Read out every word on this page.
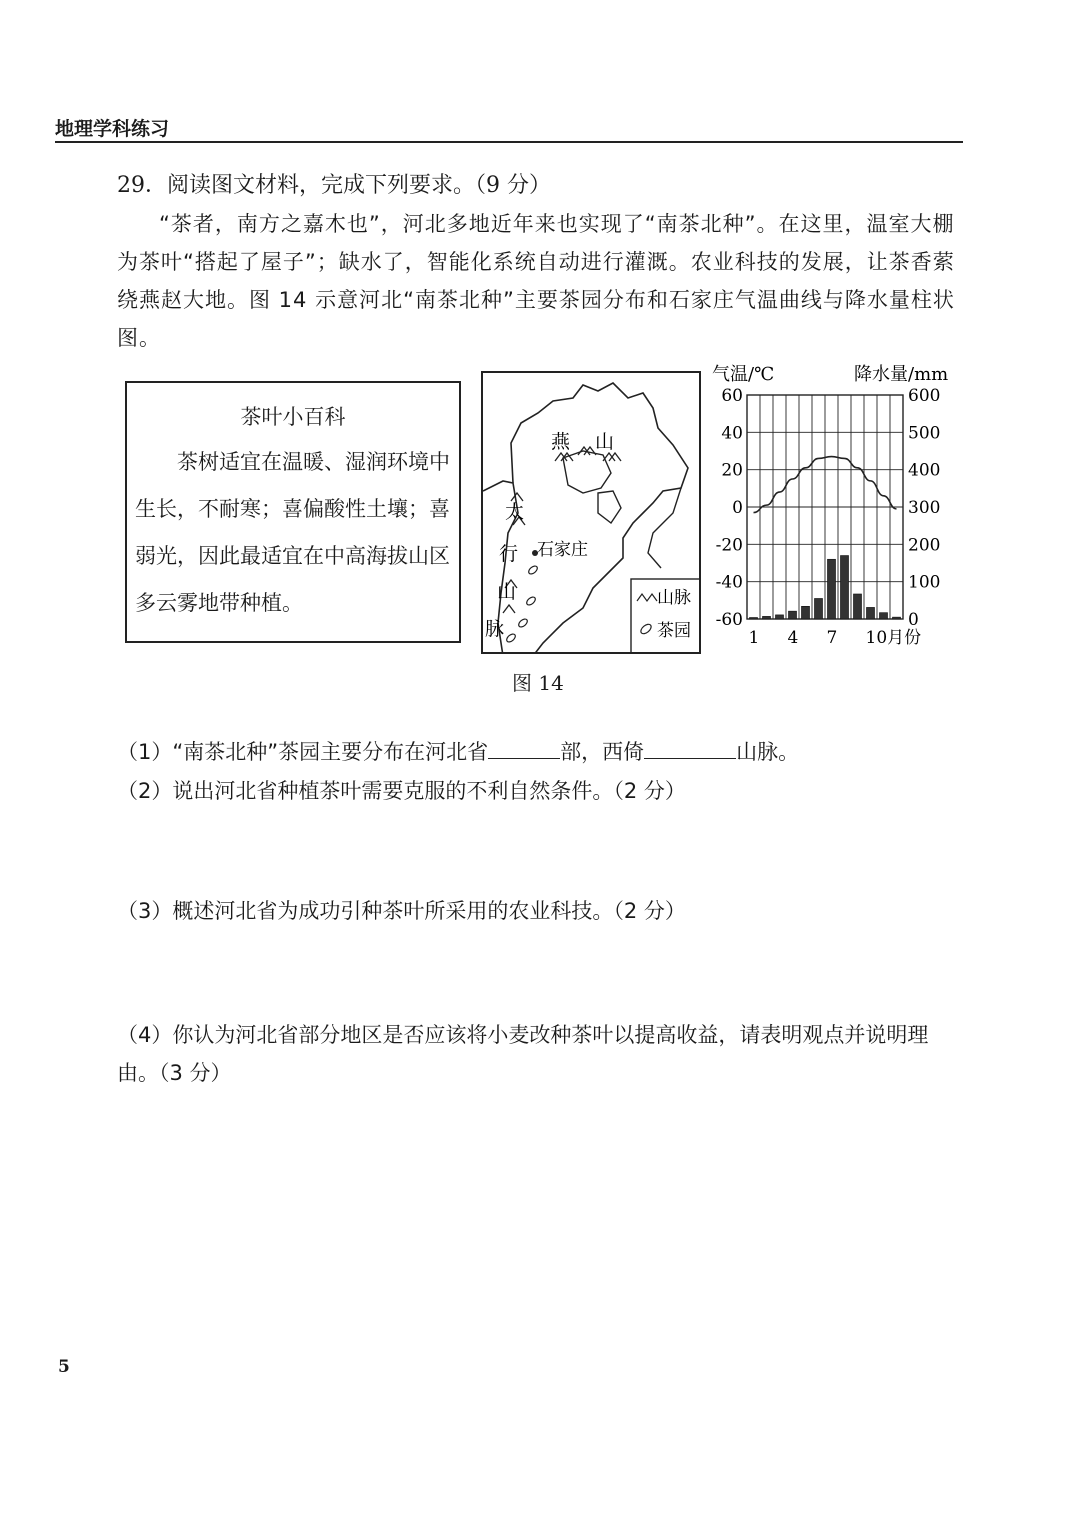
地理学科练习
29．阅读图文材料，完成下列要求。（9 分）
“茶者，南方之嘉木也”，河北多地近年来也实现了“南茶北种”。在这里，温室大棚为茶叶“搭起了屋子”；缺水了，智能化系统自动进行灌溉。农业科技的发展，让茶香萦绕燕赵大地。图 14 示意河北“南茶北种”主要茶园分布和石家庄气温曲线与降水量柱状图。
茶叶小百科
茶树适宜在温暖、湿润环境中生长，不耐寒；喜偏酸性土壤；喜弱光，因此最适宜在中高海拔山区多云雾地带种植。
燕 山
太
行
山
脉
石家庄
山脉
茶园
气温/℃	降水量/mm
60
40
20
0
-20
-40
-60
600
500
400
300
200
100
0
1 4 7 10月份
图 14
（1）“南茶北种”茶园主要分布在河北省	部，西倚	山脉。
（2）说出河北省种植茶叶需要克服的不利自然条件。（2 分）
（3）概述河北省为成功引种茶叶所采用的农业科技。（2 分）
（4）你认为河北省部分地区是否应该将小麦改种茶叶以提高收益，请表明观点并说明理由。（3 分）
5
